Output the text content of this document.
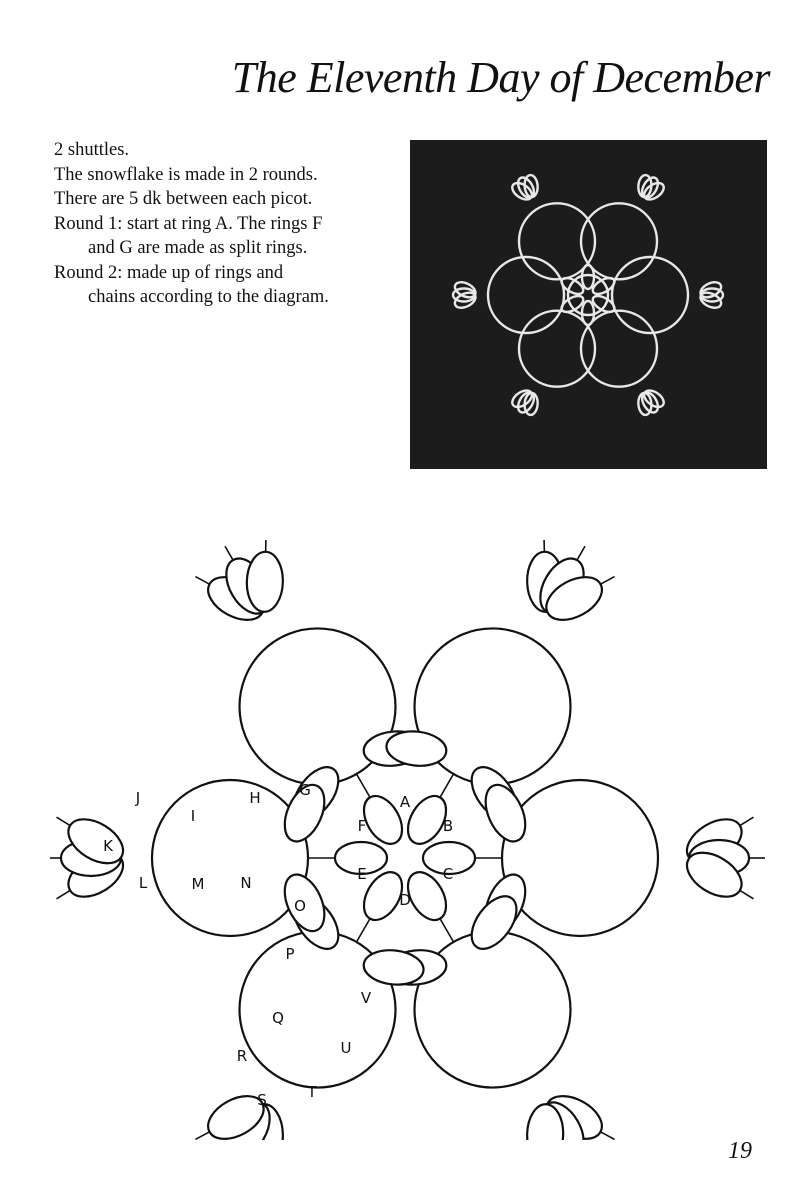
The Eleventh Day of December
2 shuttles.
The snowflake is made in 2 rounds.
There are 5 dk between each picot.
Round 1: start at ring A. The rings F
and G are made as split rings.
Round 2: made up of rings and
chains according to the diagram.
A
B
C
D
E
F
G
H
I
J
K
L	M N
O
P
Q
R
S	T
U
V
19
